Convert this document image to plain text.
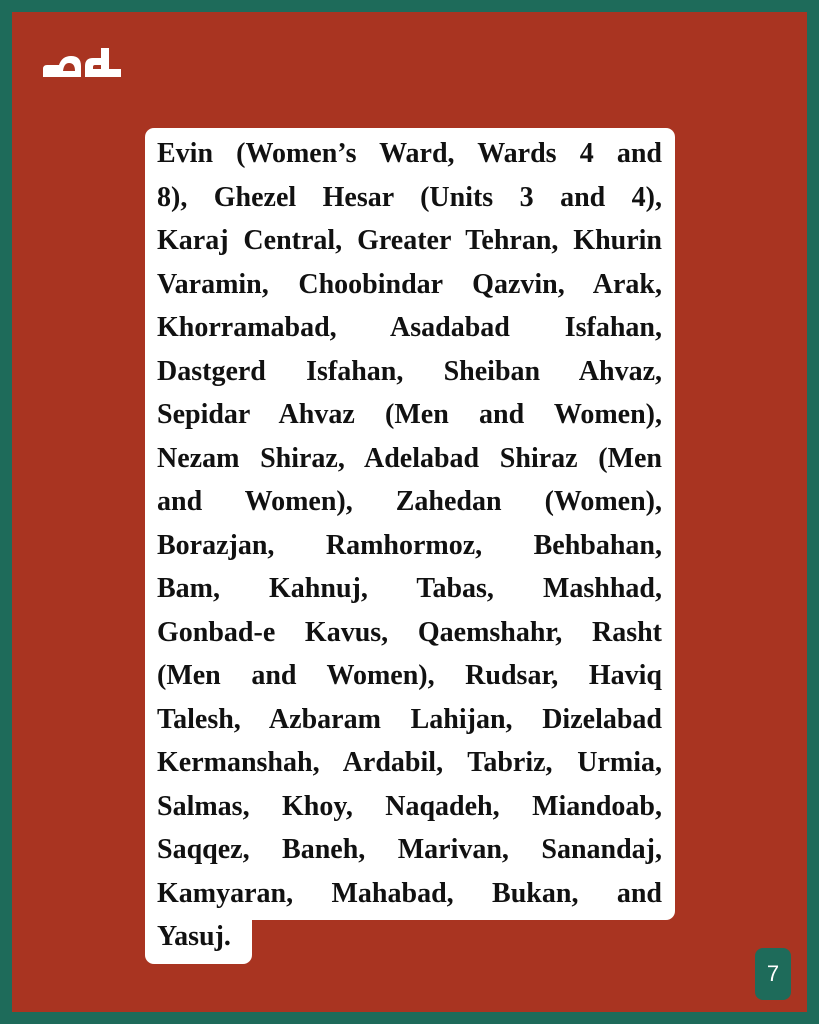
Evin (Women’s Ward, Wards 4 and
8), Ghezel Hesar (Units 3 and 4),
Karaj Central, Greater Tehran, Khurin
Varamin, Choobindar Qazvin, Arak,
Khorramabad, Asadabad Isfahan,
Dastgerd Isfahan, Sheiban Ahvaz,
Sepidar Ahvaz (Men and Women),
Nezam Shiraz, Adelabad Shiraz (Men
and Women), Zahedan (Women),
Borazjan, Ramhormoz, Behbahan,
Bam, Kahnuj, Tabas, Mashhad,
Gonbad-e Kavus, Qaemshahr, Rasht
(Men and Women), Rudsar, Haviq
Talesh, Azbaram Lahijan, Dizelabad
Kermanshah, Ardabil, Tabriz, Urmia,
Salmas, Khoy, Naqadeh, Miandoab,
Saqqez, Baneh, Marivan, Sanandaj,
Kamyaran, Mahabad, Bukan, and
Yasuj.
7
